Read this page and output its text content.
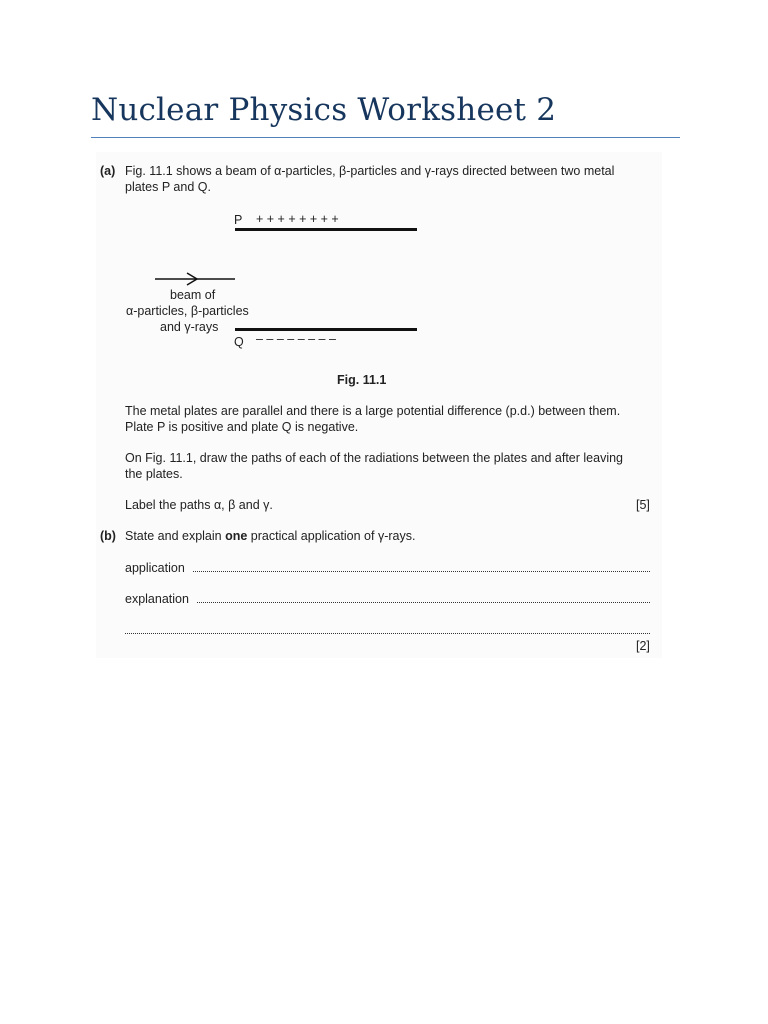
Nuclear Physics Worksheet 2
(a) Fig. 11.1 shows a beam of α-particles, β-particles and γ-rays directed between two metal
plates P and Q.
P + + + + + + + +
beam of
α-particles, β-particles
and γ-rays
Q – – – – – – – –
Fig. 11.1
The metal plates are parallel and there is a large potential difference (p.d.) between them.
Plate P is positive and plate Q is negative.
On Fig. 11.1, draw the paths of each of the radiations between the plates and after leaving
the plates.
Label the paths α, β and γ.	[5]
(b) State and explain one practical application of γ-rays.
application
explanation
[2]
